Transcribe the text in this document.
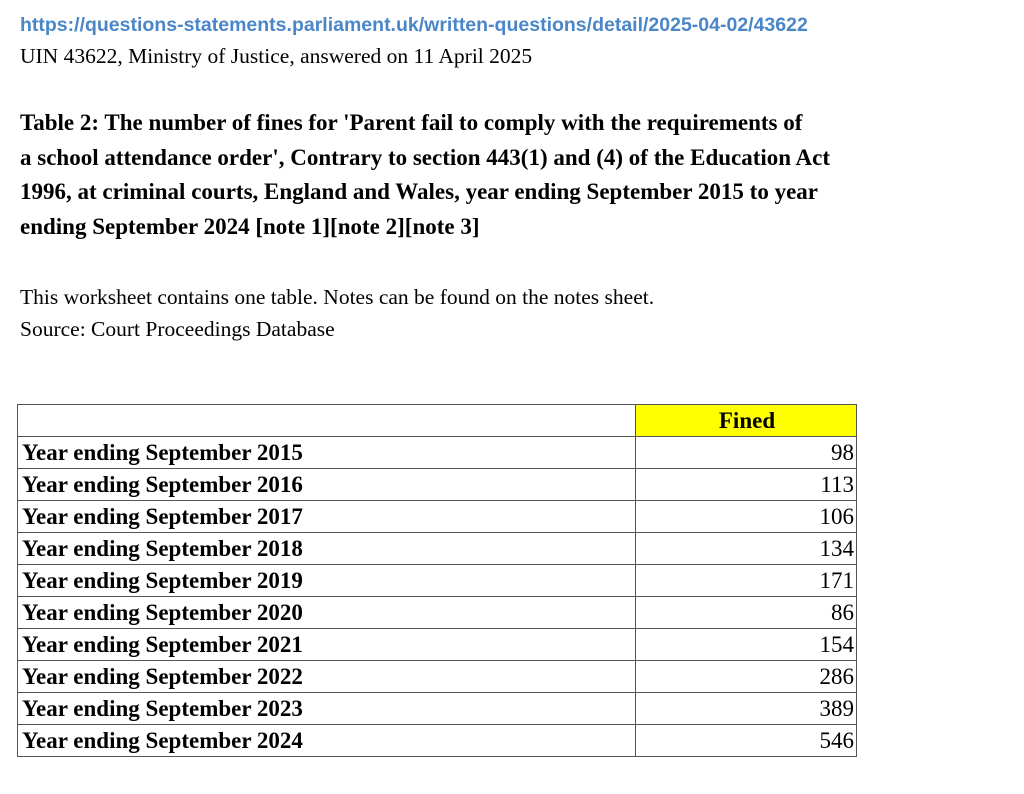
https://questions-statements.parliament.uk/written-questions/detail/2025-04-02/43622
UIN 43622, Ministry of Justice, answered on 11 April 2025
Table 2: The number of fines for 'Parent fail to comply with the requirements of
a school attendance order', Contrary to section 443(1) and (4) of the Education Act
1996, at criminal courts, England and Wales, year ending September 2015 to year
ending September 2024 [note 1][note 2][note 3]
This worksheet contains one table. Notes can be found on the notes sheet.
Source: Court Proceedings Database
	Fined
Year ending September 2015	98
Year ending September 2016	113
Year ending September 2017	106
Year ending September 2018	134
Year ending September 2019	171
Year ending September 2020	86
Year ending September 2021	154
Year ending September 2022	286
Year ending September 2023	389
Year ending September 2024	546
